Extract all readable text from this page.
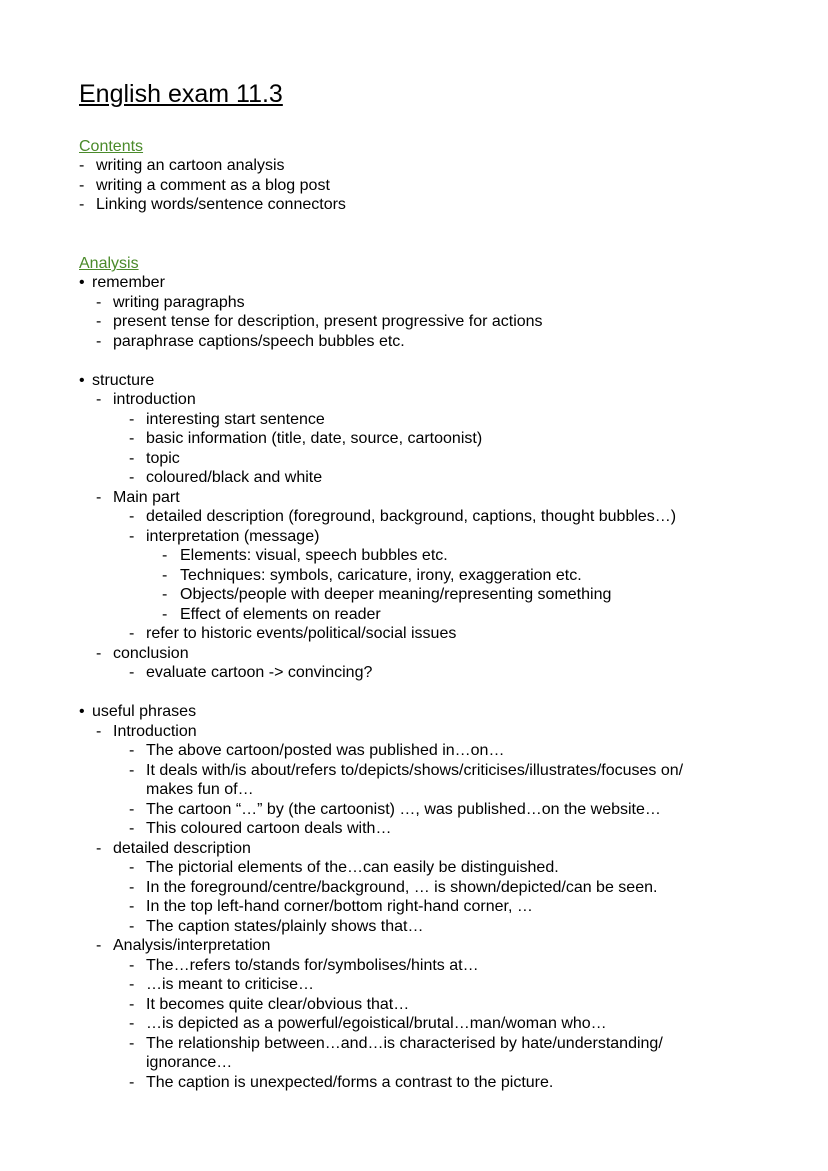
English exam 11.3
Contents
- writing an cartoon analysis
- writing a comment as a blog post
- Linking words/sentence connectors
Analysis
• remember
- writing paragraphs
- present tense for description, present progressive for actions
- paraphrase captions/speech bubbles etc.
• structure
- introduction
- interesting start sentence
- basic information (title, date, source, cartoonist)
- topic
- coloured/black and white
- Main part
- detailed description (foreground, background, captions, thought bubbles…)
- interpretation (message)
- Elements: visual, speech bubbles etc.
- Techniques: symbols, caricature, irony, exaggeration etc.
- Objects/people with deeper meaning/representing something
- Effect of elements on reader
- refer to historic events/political/social issues
- conclusion
- evaluate cartoon -> convincing?
• useful phrases
- Introduction
- The above cartoon/posted was published in…on…
- It deals with/is about/refers to/depicts/shows/criticises/illustrates/focuses on/
makes fun of…
- The cartoon “…” by (the cartoonist) …, was published…on the website…
- This coloured cartoon deals with…
- detailed description
- The pictorial elements of the…can easily be distinguished.
- In the foreground/centre/background, … is shown/depicted/can be seen.
- In the top left-hand corner/bottom right-hand corner, …
- The caption states/plainly shows that…
- Analysis/interpretation
- The…refers to/stands for/symbolises/hints at…
- …is meant to criticise…
- It becomes quite clear/obvious that…
- …is depicted as a powerful/egoistical/brutal…man/woman who…
- The relationship between…and…is characterised by hate/understanding/
ignorance…
- The caption is unexpected/forms a contrast to the picture.
